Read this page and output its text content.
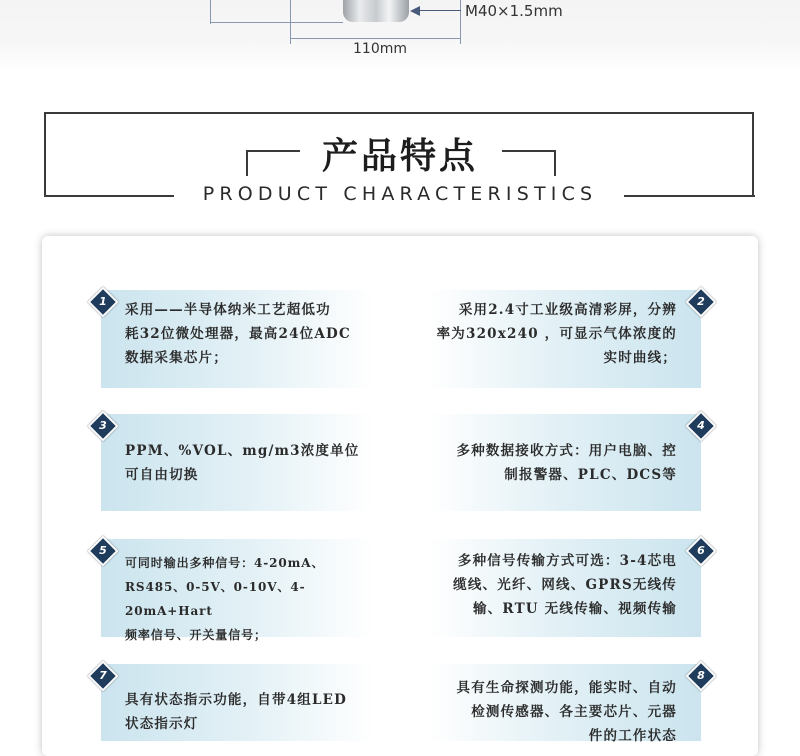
M40×1.5mm
110mm
产品特点
PRODUCT CHARACTERISTICS
采用——半导体纳米工艺超低功
耗32位微处理器，最高24位ADC
数据采集芯片；
1
采用2.4寸工业级高清彩屏，分辨
率为320x240 ，可显示气体浓度的
实时曲线；
2
PPM、%VOL、mg/m3浓度单位
可自由切换
3
多种数据接收方式：用户电脑、控
制报警器、PLC、DCS等
4
可同时输出多种信号：4-20mA、
RS485、0-5V、0-10V、4-20mA+Hart
频率信号、开关量信号；
5
多种信号传输方式可选：3-4芯电
缆线、光纤、网线、GPRS无线传
输、RTU 无线传输、视频传输
6
具有状态指示功能，自带4组LED
状态指示灯
7
具有生命探测功能，能实时、自动
检测传感器、各主要芯片、元器
件的工作状态
8
